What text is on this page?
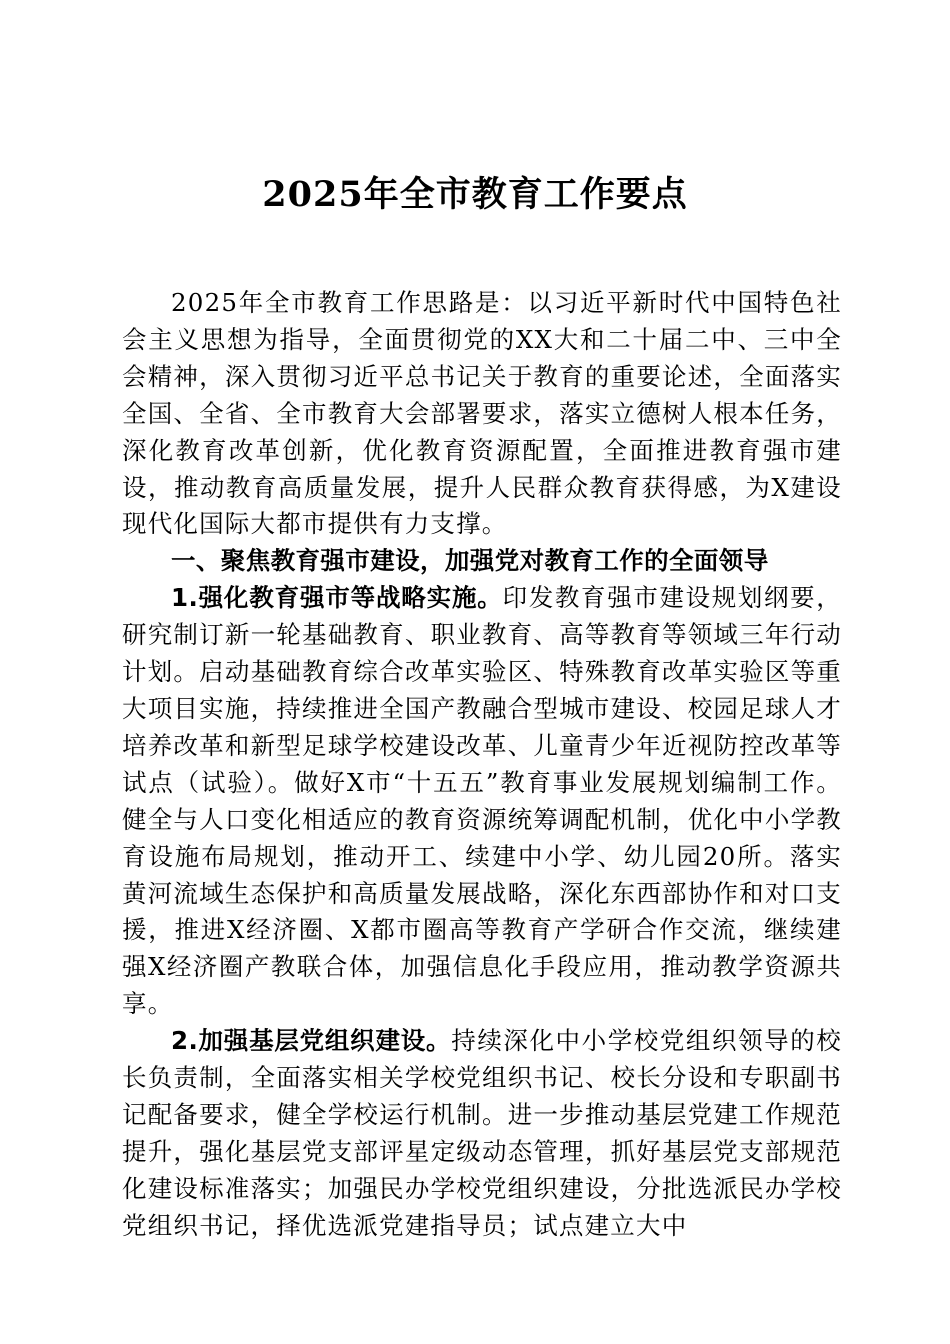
2025年全市教育工作要点

2025年全市教育工作思路是：以习近平新时代中国特色社会主义思想为指导，全面贯彻党的XX大和二十届二中、三中全会精神，深入贯彻习近平总书记关于教育的重要论述，全面落实全国、全省、全市教育大会部署要求，落实立德树人根本任务，深化教育改革创新，优化教育资源配置，全面推进教育强市建设，推动教育高质量发展，提升人民群众教育获得感，为X建设现代化国际大都市提供有力支撑。

一、聚焦教育强市建设，加强党对教育工作的全面领导

1.强化教育强市等战略实施。印发教育强市建设规划纲要，研究制订新一轮基础教育、职业教育、高等教育等领域三年行动计划。启动基础教育综合改革实验区、特殊教育改革实验区等重大项目实施，持续推进全国产教融合型城市建设、校园足球人才培养改革和新型足球学校建设改革、儿童青少年近视防控改革等试点（试验）。做好X市“十五五”教育事业发展规划编制工作。健全与人口变化相适应的教育资源统筹调配机制，优化中小学教育设施布局规划，推动开工、续建中小学、幼儿园20所。落实黄河流域生态保护和高质量发展战略，深化东西部协作和对口支援，推进X经济圈、X都市圈高等教育产学研合作交流，继续建强X经济圈产教联合体，加强信息化手段应用，推动教学资源共享。

2.加强基层党组织建设。持续深化中小学校党组织领导的校长负责制，全面落实相关学校党组织书记、校长分设和专职副书记配备要求，健全学校运行机制。进一步推动基层党建工作规范提升，强化基层党支部评星定级动态管理，抓好基层党支部规范化建设标准落实；加强民办学校党组织建设，分批选派民办学校党组织书记，择优选派党建指导员；试点建立大中
